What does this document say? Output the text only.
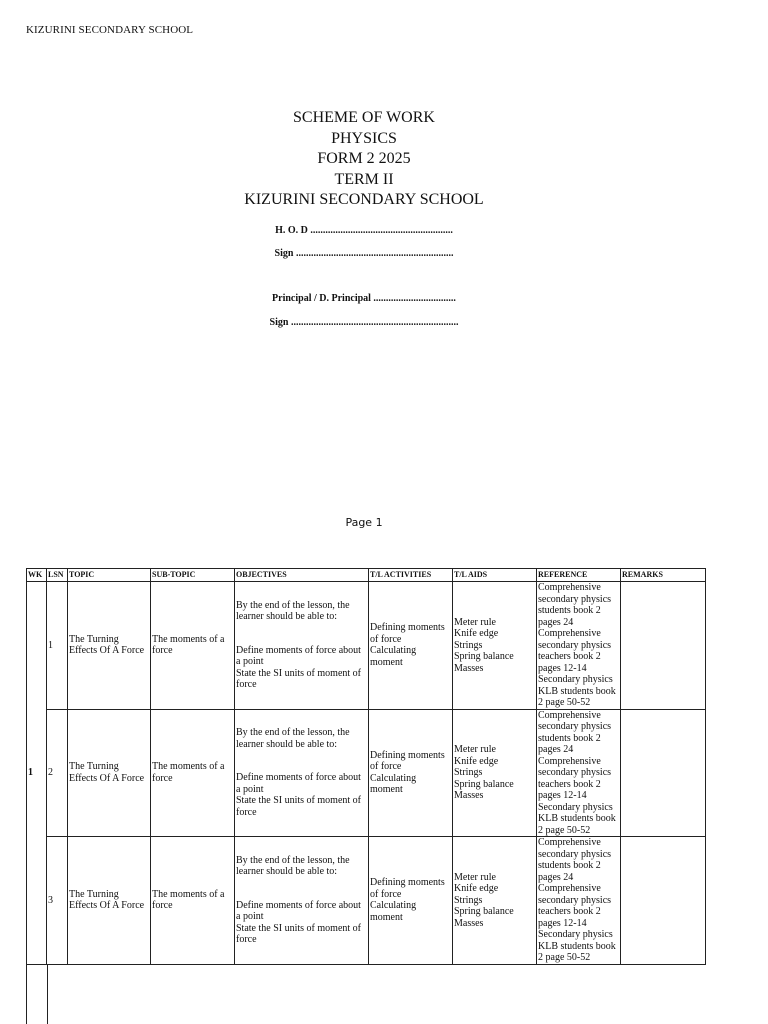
KIZURINI SECONDARY SCHOOL
SCHEME OF WORK
PHYSICS
FORM 2 2025
TERM II
KIZURINI SECONDARY SCHOOL
H. O. D .........................................................
Sign ...............................................................
Principal / D. Principal .................................
Sign ...................................................................
Page 1
WK	LSN	TOPIC	SUB-TOPIC	OBJECTIVES	T/L ACTIVITIES	T/L AIDS	REFERENCE	REMARKS
1	1	The Turning Effects Of A Force	The moments of a force	By the end of the lesson, the learner should be able to:
Define moments of force about a point
State the SI units of moment of force	Defining moments of force
Calculating moment	Meter rule
Knife edge
Strings
Spring balance
Masses	Comprehensive secondary physics students book 2 pages 24
Comprehensive secondary physics teachers book 2 pages 12-14
Secondary physics KLB students book 2 page 50-52	

	2	The Turning Effects Of A Force	The moments of a force	By the end of the lesson, the learner should be able to:
Define moments of force about a point
State the SI units of moment of force	Defining moments of force
Calculating moment	Meter rule
Knife edge
Strings
Spring balance
Masses	Comprehensive secondary physics students book 2 pages 24
Comprehensive secondary physics teachers book 2 pages 12-14
Secondary physics KLB students book 2 page 50-52	

	3	The Turning Effects Of A Force	The moments of a force	By the end of the lesson, the learner should be able to:
Define moments of force about a point
State the SI units of moment of force	Defining moments of force
Calculating moment	Meter rule
Knife edge
Strings
Spring balance
Masses	Comprehensive secondary physics students book 2 pages 24
Comprehensive secondary physics teachers book 2 pages 12-14
Secondary physics KLB students book 2 page 50-52	
